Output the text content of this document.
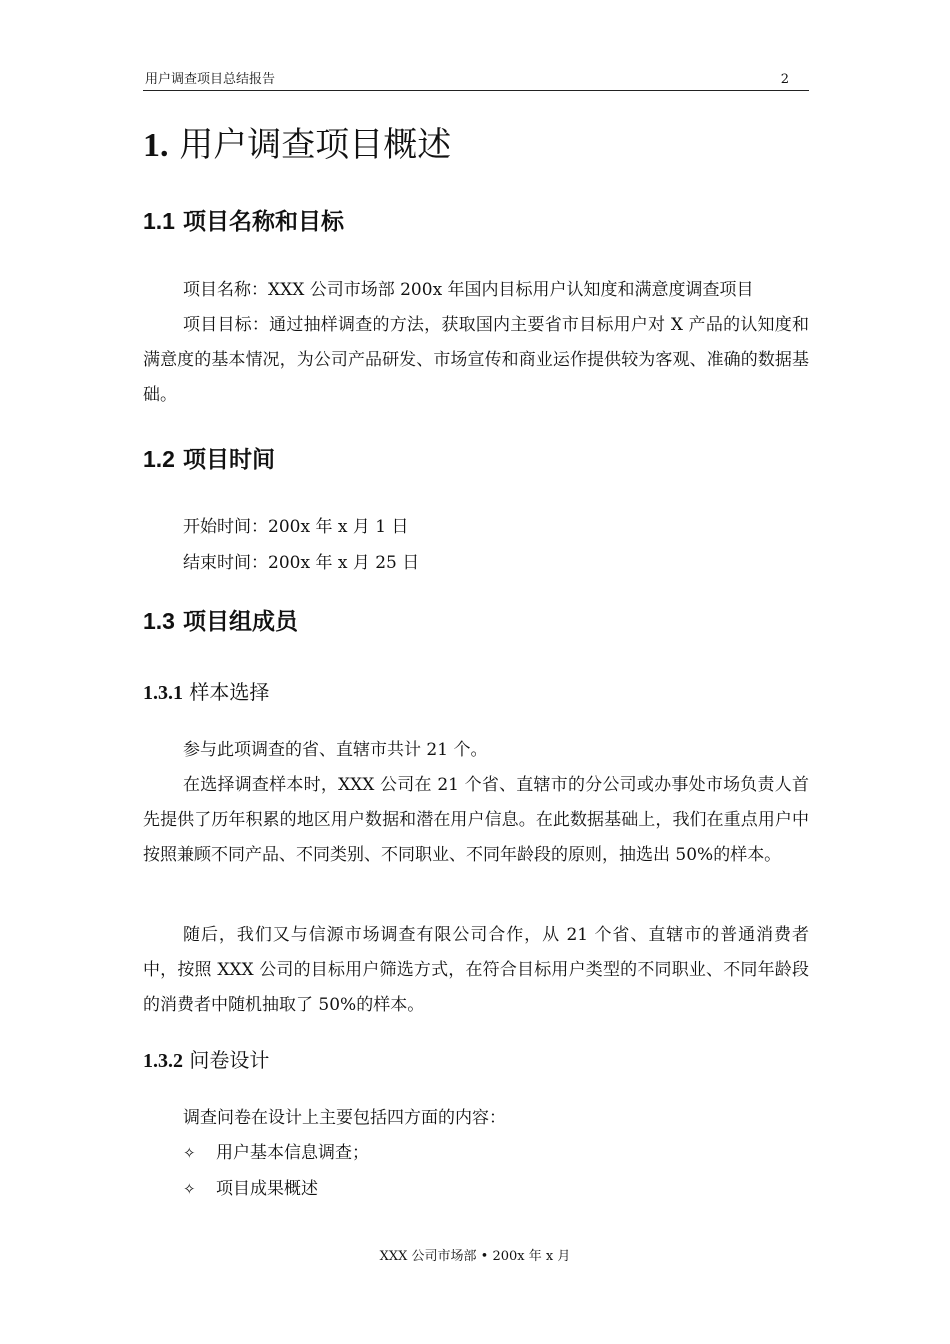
用户调查项目总结报告	2
1. 用户调查项目概述
1.1 项目名称和目标
项目名称：XXX 公司市场部 200x 年国内目标用户认知度和满意度调查项目

项目目标：通过抽样调查的方法，获取国内主要省市目标用户对 X 产品的认知度和满意度的基本情况，为公司产品研发、市场宣传和商业运作提供较为客观、准确的数据基础。

1.2 项目时间
开始时间：200x 年 x 月 1 日
结束时间：200x 年 x 月 25 日
1.3 项目组成员
1.3.1 样本选择
参与此项调查的省、直辖市共计 21 个。

在选择调查样本时，XXX 公司在 21 个省、直辖市的分公司或办事处市场负责人首先提供了历年积累的地区用户数据和潜在用户信息。在此数据基础上，我们在重点用户中按照兼顾不同产品、不同类别、不同职业、不同年龄段的原则，抽选出 50%的样本。

随后，我们又与信源市场调查有限公司合作，从 21 个省、直辖市的普通消费者中，按照 XXX 公司的目标用户筛选方式，在符合目标用户类型的不同职业、不同年龄段的消费者中随机抽取了 50%的样本。

1.3.2 问卷设计
调查问卷在设计上主要包括四方面的内容：
✧ 用户基本信息调查；
✧ 项目成果概述
XXX 公司市场部 • 200x 年 x 月
